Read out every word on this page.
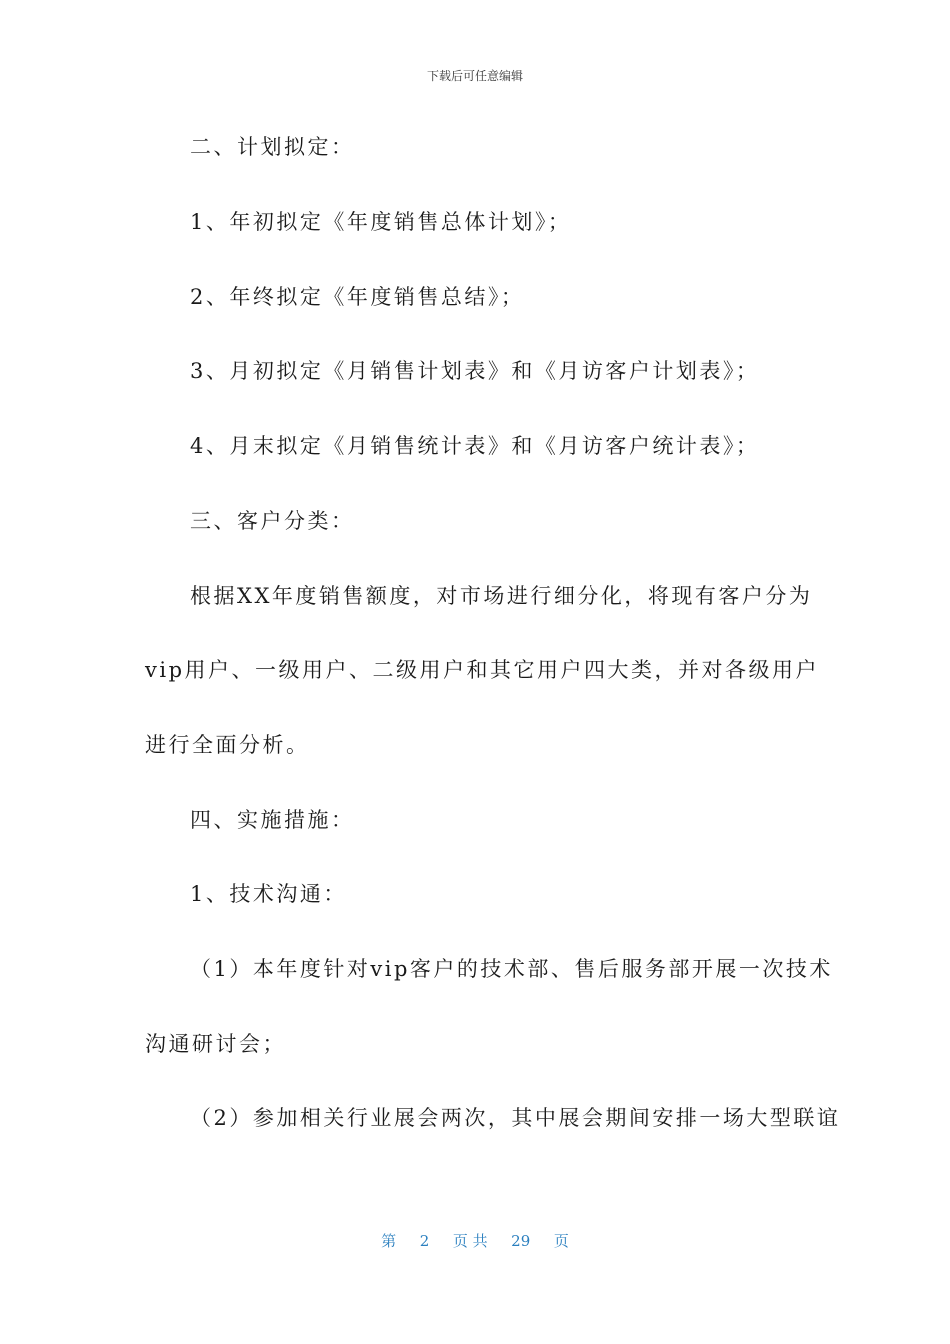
下载后可任意编辑
二、计划拟定：
1、年初拟定《年度销售总体计划》；
2、年终拟定《年度销售总结》；
3、月初拟定《月销售计划表》和《月访客户计划表》；
4、月末拟定《月销售统计表》和《月访客户统计表》；
三、客户分类：
根据XX年度销售额度，对市场进行细分化，将现有客户分为
vip用户、一级用户、二级用户和其它用户四大类，并对各级用户
进行全面分析。
四、实施措施：
1、技术沟通：
（1）本年度针对vip客户的技术部、售后服务部开展一次技术
沟通研讨会；
（2）参加相关行业展会两次，其中展会期间安排一场大型联谊
第 2 页 共 29 页
